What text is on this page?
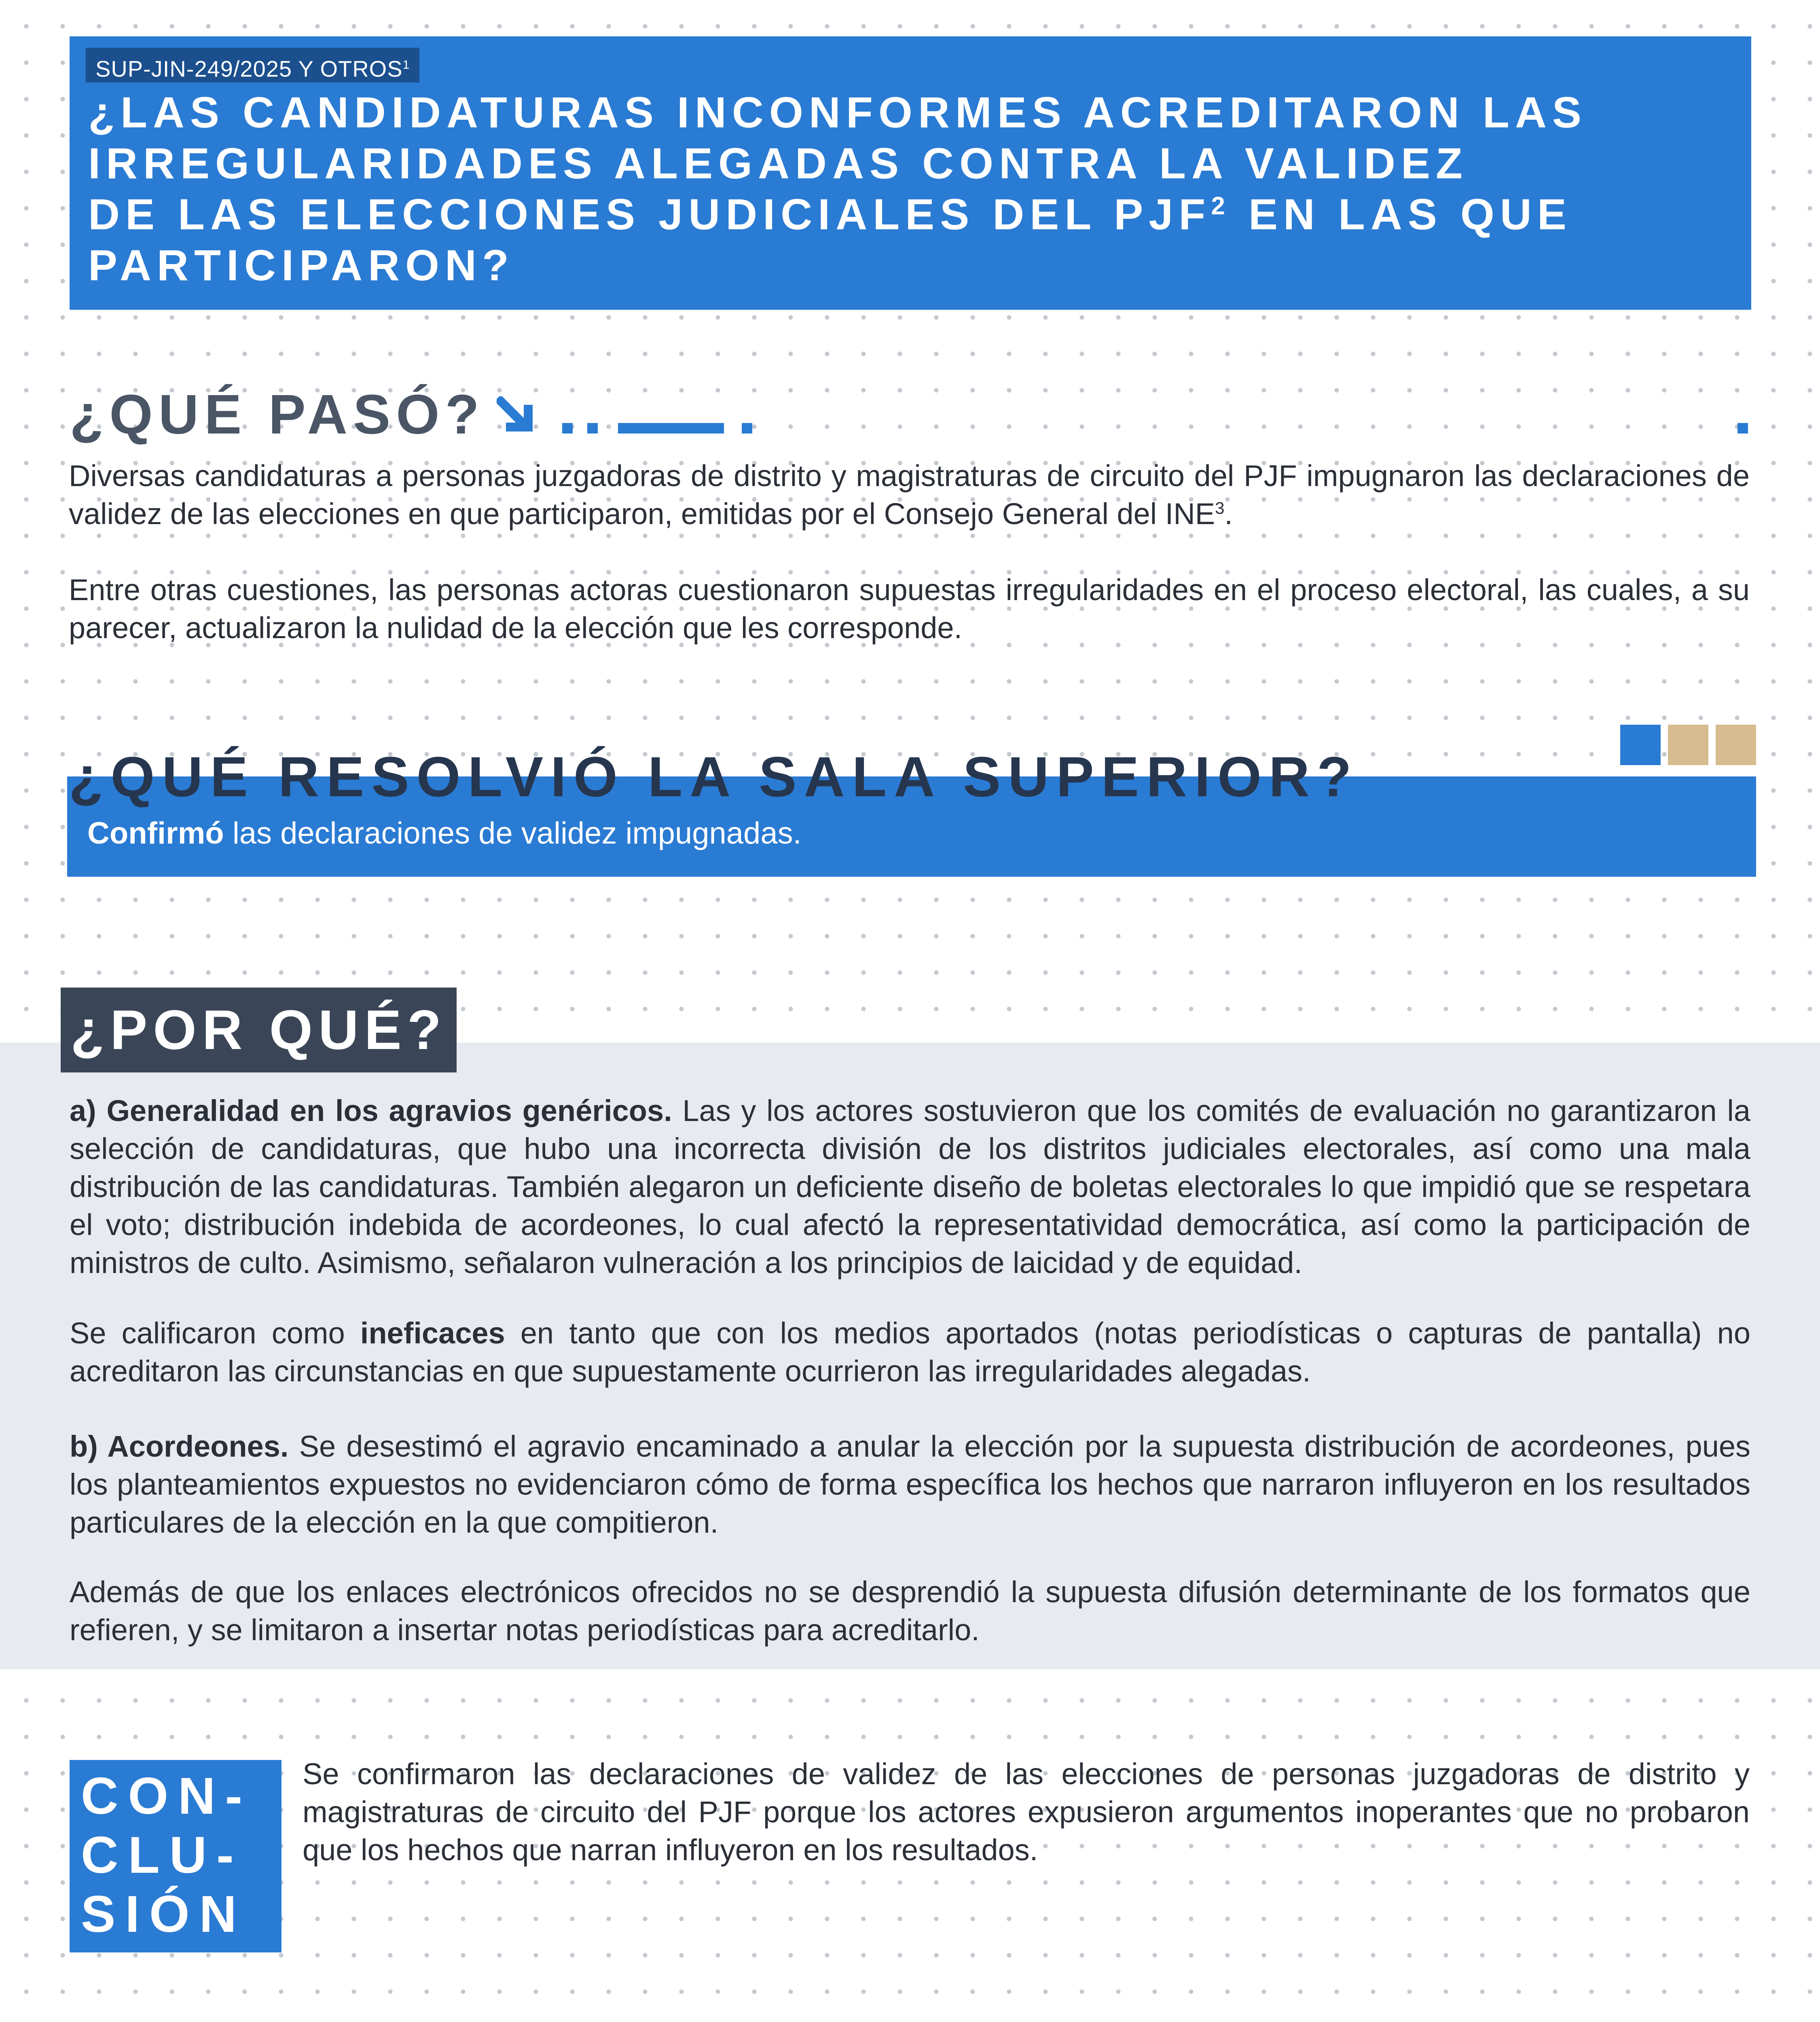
SUP-JIN-249/2025 Y OTROS$^1$
¿LAS CANDIDATURAS INCONFORMES ACREDITARON LAS
IRREGULARIDADES ALEGADAS CONTRA LA VALIDEZ
DE LAS ELECCIONES JUDICIALES DEL PJF$^2$ EN LAS QUE
PARTICIPARON?
¿QUÉ PASÓ?

Diversas candidaturas a personas juzgadoras de distrito y magistraturas de circuito del PJF impugnaron las declaraciones de validez de las elecciones en que participaron, emitidas por el Consejo General del INE$^3$.

Entre otras cuestiones, las personas actoras cuestionaron supuestas irregularidades en el proceso electoral, las cuales, a su parecer, actualizaron la nulidad de la elección que les corresponde.

¿QUÉ RESOLVIÓ LA SALA SUPERIOR?

Confirmó las declaraciones de validez impugnadas.

¿POR QUÉ?

a) Generalidad en los agravios genéricos. Las y los actores sostuvieron que los comités de evaluación no garantizaron la selección de candidaturas, que hubo una incorrecta división de los distritos judiciales electorales, así como una mala distribución de las candidaturas. También alegaron un deficiente diseño de boletas electorales lo que impidió que se respetara el voto; distribución indebida de acordeones, lo cual afectó la representatividad democrática, así como la participación de ministros de culto. Asimismo, señalaron vulneración a los principios de laicidad y de equidad.

Se calificaron como ineficaces en tanto que con los medios aportados (notas periodísticas o capturas de pantalla) no acreditaron las circunstancias en que supuestamente ocurrieron las irregularidades alegadas.

b) Acordeones. Se desestimó el agravio encaminado a anular la elección por la supuesta distribución de acordeones, pues los planteamientos expuestos no evidenciaron cómo de forma específica los hechos que narraron influyeron en los resultados particulares de la elección en la que compitieron.

Además de que los enlaces electrónicos ofrecidos no se desprendió la supuesta difusión determinante de los formatos que refieren, y se limitaron a insertar notas periodísticas para acreditarlo.

CON-

CLU-

SIÓN

Se confirmaron las declaraciones de validez de las elecciones de personas juzgadoras de distrito y magistraturas de circuito del PJF porque los actores expusieron argumentos inoperantes que no probaron que los hechos que narran influyeron en los resultados.
